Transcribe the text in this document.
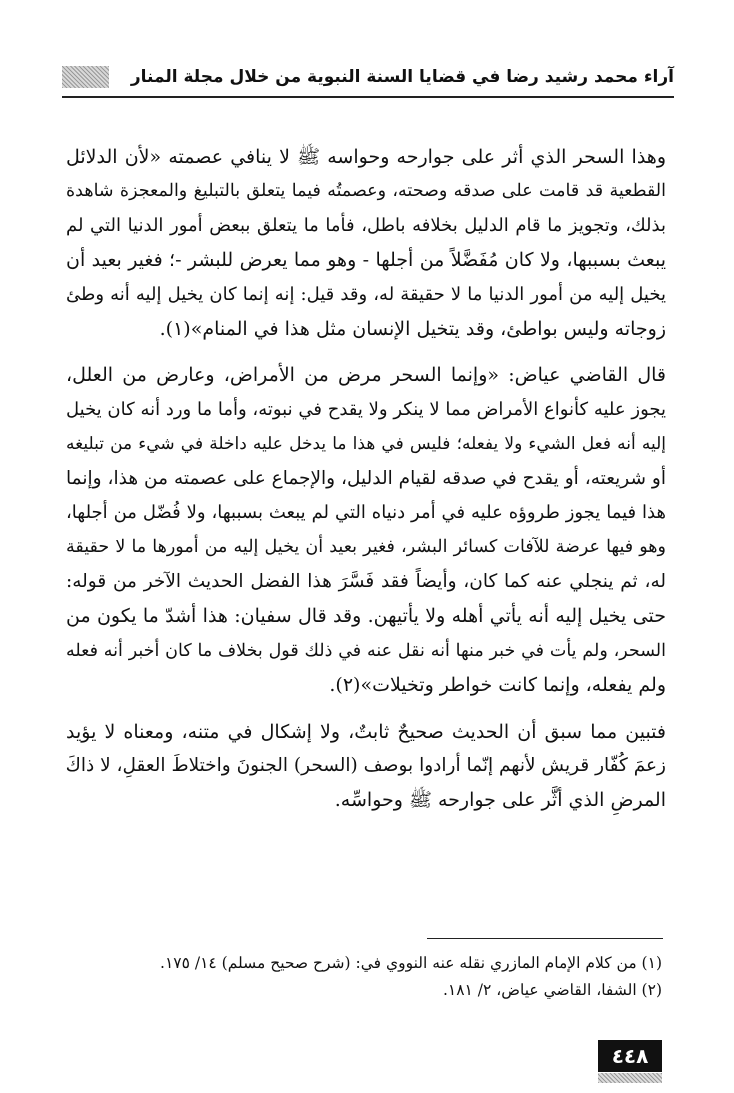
آراء محمد رشيد رضا في قضايا السنة النبوية من خلال مجلة المنار
وهذا السحر الذي أثر على جوارحه وحواسه ﷺ لا ينافي عصمته «لأن الدلائل
القطعية قد قامت على صدقه وصحته، وعصمتُه فيما يتعلق بالتبليغ والمعجزة شاهدة
بذلك، وتجويز ما قام الدليل بخلافه باطل، فأما ما يتعلق ببعض أمور الدنيا التي لم
يبعث بسببها، ولا كان مُفَضَّلاً من أجلها - وهو مما يعرض للبشر -؛ فغير بعيد أن
يخيل إليه من أمور الدنيا ما لا حقيقة له، وقد قيل: إنه إنما كان يخيل إليه أنه وطئ
زوجاته وليس بواطئ، وقد يتخيل الإنسان مثل هذا في المنام»(١).
قال القاضي عياض: «وإنما السحر مرض من الأمراض، وعارض من العلل،
يجوز عليه كأنواع الأمراض مما لا ينكر ولا يقدح في نبوته، وأما ما ورد أنه كان يخيل
إليه أنه فعل الشيء ولا يفعله؛ فليس في هذا ما يدخل عليه داخلة في شيء من تبليغه
أو شريعته، أو يقدح في صدقه لقيام الدليل، والإجماع على عصمته من هذا، وإنما
هذا فيما يجوز طروؤه عليه في أمر دنياه التي لم يبعث بسببها، ولا فُضّل من أجلها،
وهو فيها عرضة للآفات كسائر البشر، فغير بعيد أن يخيل إليه من أمورها ما لا حقيقة
له، ثم ينجلي عنه كما كان، وأيضاً فقد فَسَّرَ هذا الفضل الحديث الآخر من قوله:
حتى يخيل إليه أنه يأتي أهله ولا يأتيهن. وقد قال سفيان: هذا أشدّ ما يكون من
السحر، ولم يأت في خبر منها أنه نقل عنه في ذلك قول بخلاف ما كان أخبر أنه فعله
ولم يفعله، وإنما كانت خواطر وتخيلات»(٢).
فتبين مما سبق أن الحديث صحيحٌ ثابتٌ، ولا إشكال في متنه، ومعناه لا يؤيد
زعمَ كُفّار قريش لأنهم إنّما أرادوا بوصف (السحر) الجنونَ واختلاطَ العقلِ، لا ذاكَ
المرضِ الذي أثَّر على جوارحه ﷺ وحواسِّه.
(١) من كلام الإمام المازري نقله عنه النووي في: (شرح صحيح مسلم) ١٤/ ١٧٥.
(٢) الشفا، القاضي عياض، ٢/ ١٨١.
٤٤٨
